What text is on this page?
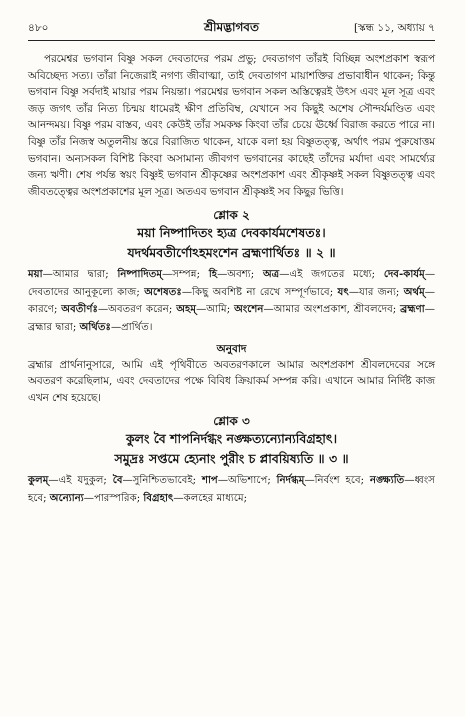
৪৮০	শ্রীমদ্ভাগবত	[স্কন্ধ ১১, অধ্যায় ৭

পরমেশ্বর ভগবান বিষ্ণু সকল দেবতাদের পরম প্রভু; দেবতাগণ তাঁরই বিচ্ছিন্ন অংশপ্রকাশ স্বরূপ অবিচ্ছেদ্য সত্য। তাঁরা নিজেরাই নগণ্য জীবাত্মা, তাই দেবতাগণ মায়াশক্তির প্রভাবাধীন থাকেন; কিন্তু ভগবান বিষ্ণু সর্বদাই মায়ার পরম নিয়ন্তা। পরমেশ্বর ভগবান সকল অস্তিত্বেরই উৎস এবং মূল সূত্র এবং জড় জগৎ তাঁর নিত্য চিন্ময় ধামেরই ক্ষীণ প্রতিবিম্ব, যেখানে সব কিছুই অশেষ সৌন্দর্যমণ্ডিত এবং আনন্দময়। বিষ্ণু পরম বাস্তব, এবং কেউই তাঁর সমকক্ষ কিংবা তাঁর চেয়ে ঊর্ধ্বে বিরাজ করতে পারে না। বিষ্ণু তাঁর নিজস্ব অতুলনীয় স্তরে বিরাজিত থাকেন, যাকে বলা হয় বিষ্ণুতত্ত্ব, অর্থাৎ পরম পুরুষোত্তম ভগবান। অন্যসকল বিশিষ্ট কিংবা অসামান্য জীবগণ ভগবানের কাছেই তাঁদের মর্যাদা এবং সামর্থ্যের জন্য ঋণী। শেষ পর্যন্ত স্বয়ং বিষ্ণুই ভগবান শ্রীকৃষ্ণের অংশপ্রকাশ এবং শ্রীকৃষ্ণই সকল বিষ্ণুতত্ত্ব এবং জীবতত্ত্বের অংশপ্রকাশের মূল সূত্র। অতএব ভগবান শ্রীকৃষ্ণই সব কিছুর ভিত্তি।

শ্লোক ২

ময়া নিষ্পাদিতং হ্যত্র দেবকার্যমশেষতঃ।

যদর্থমবতীর্ণোঽহমংশেন ব্রহ্মণার্থিতঃ ॥ ২ ॥

ময়া—আমার দ্বারা; নিষ্পাদিতম্—সম্পন্ন; হি—অবশ্য; অত্র—এই জগতের মধ্যে; দেব-কার্যম্—দেবতাদের আনুকূল্যে কাজ; অশেষতঃ—কিছু অবশিষ্ট না রেখে সম্পূর্ণভাবে; যৎ—যার জন্য; অর্থম্—কারণে; অবতীর্ণঃ—অবতরণ করেন; অহম্—আমি; অংশেন—আমার অংশপ্রকাশ, শ্রীবলদেব; ব্রহ্মণা—ব্রহ্মার দ্বারা; অর্থিতঃ—প্রার্থিত।

অনুবাদ

ব্রহ্মার প্রার্থনানুসারে, আমি এই পৃথিবীতে অবতরণকালে আমার অংশপ্রকাশ শ্রীবলদেবের সঙ্গে অবতরণ করেছিলাম, এবং দেবতাদের পক্ষে বিবিধ ক্রিয়াকর্ম সম্পন্ন করি। এখানে আমার নির্দিষ্ট কাজ এখন শেষ হয়েছে।

শ্লোক ৩

কুলং বৈ শাপনির্দগ্ধং নঙ্ক্ষত্যন্যোন্যবিগ্রহাৎ।

সমুদ্রঃ সপ্তমে হ্যেনাং পুরীং চ প্লাবয়িষ্যতি ॥ ৩ ॥

কুলম্—এই যদুকুল; বৈ—সুনিশ্চিতভাবেই; শাপ—অভিশাপে; নির্দগ্ধম্—নির্বংশ হবে; নঙ্ক্ষ্যতি—ধ্বংস হবে; অন্যোন্য—পারস্পরিক; বিগ্রহাৎ—কলহের মাধ্যমে;
